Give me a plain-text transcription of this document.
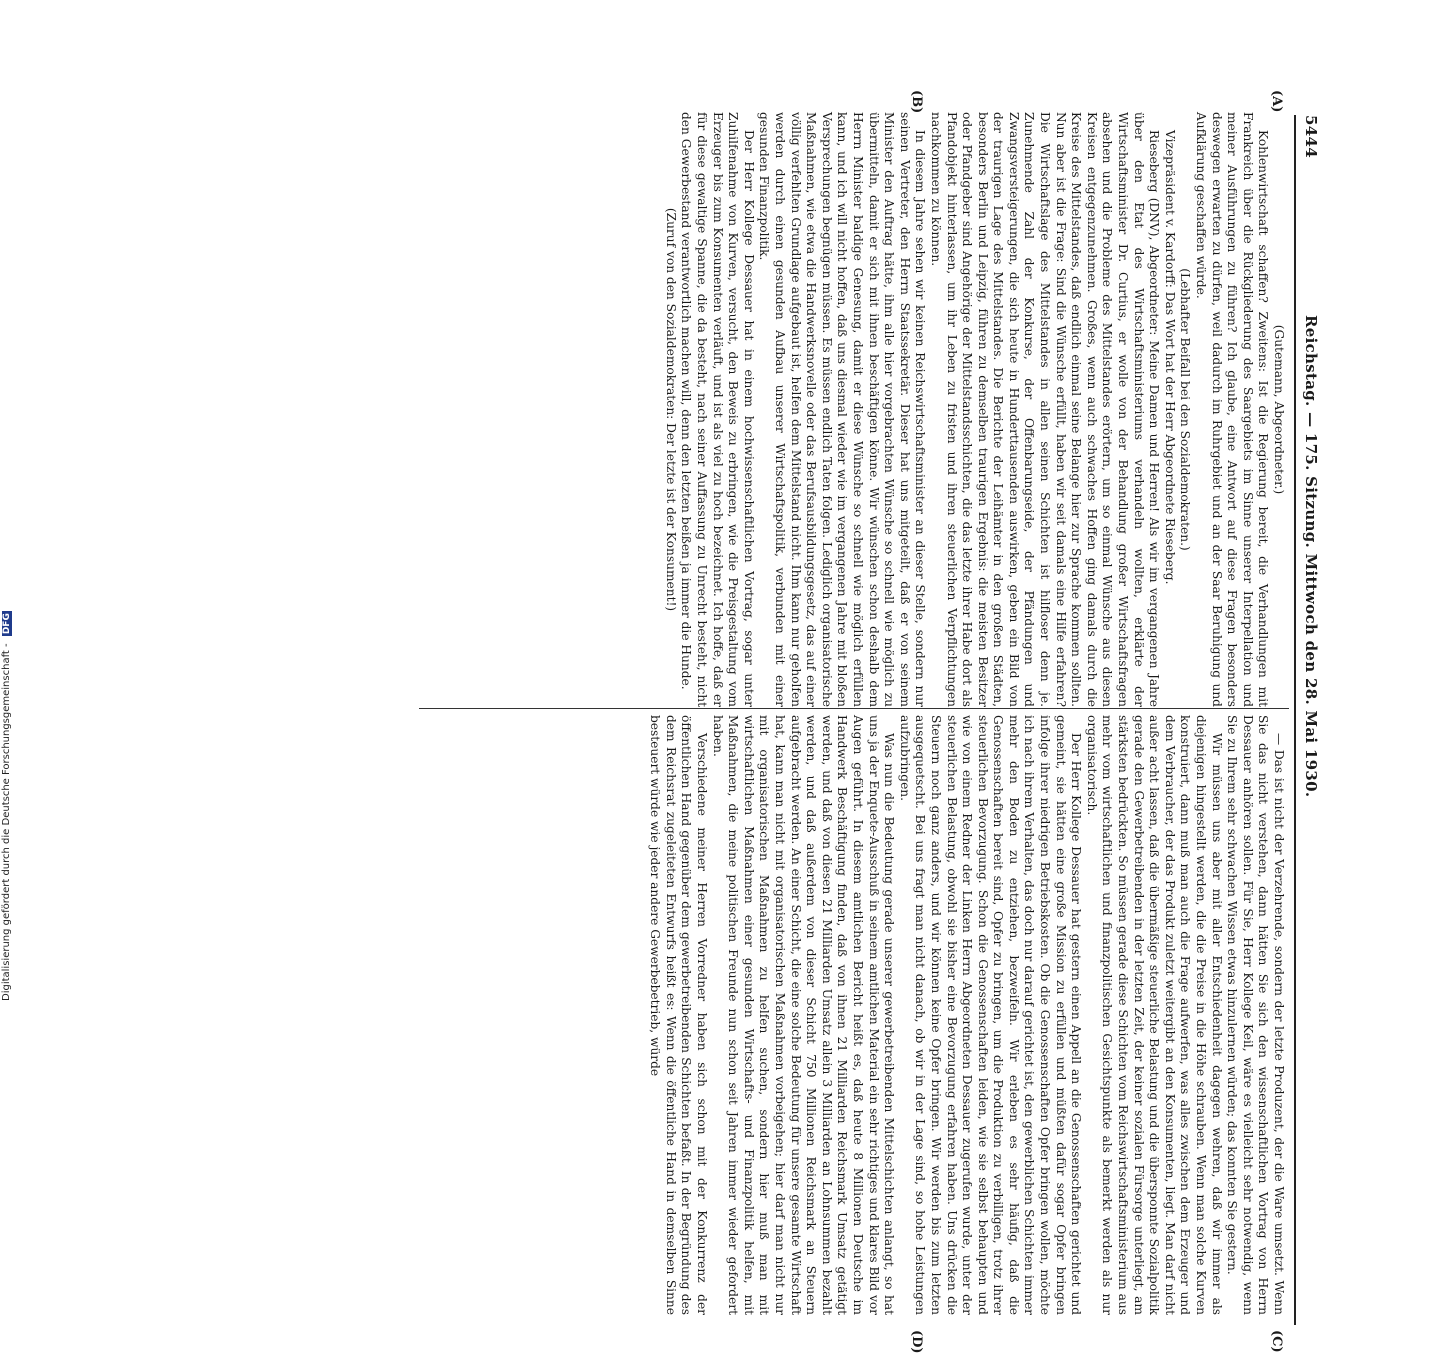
5444
Reichstag. — 175. Sitzung. Mittwoch den 28. Mai 1930.
(A)
(B)

(Gutemann, Abgeordneter.)

Kohlenwirtschaft schaffen? Zweitens: Ist die Regierung bereit, die Verhandlungen mit Frankreich über die Rückgliederung des Saargebiets im Sinne unserer Interpellation und meiner Ausführungen zu führen? Ich glaube, eine Antwort auf diese Fragen besonders deswegen erwarten zu dürfen, weil dadurch im Ruhrgebiet und an der Saar Beruhigung und Aufklärung geschaffen würde.

(Lebhafter Beifall bei den Sozialdemokraten.)

Vizepräsident v. Kardorff: Das Wort hat der Herr Abgeordnete Rieseberg.

Rieseberg (DNV), Abgeordneter: Meine Damen und Herren! Als wir im vergangenen Jahre über den Etat des Wirtschaftsministeriums verhandeln wollten, erklärte der Wirtschaftsminister Dr. Curtius, er wolle von der Behandlung großer Wirtschaftsfragen absehen und die Probleme des Mittelstandes erörtern, um so einmal Wünsche aus diesen Kreisen entgegenzunehmen. Großes, wenn auch schwaches Hoffen ging damals durch die Kreise des Mittelstandes, daß endlich einmal seine Belange hier zur Sprache kommen sollten. Nun aber ist die Frage: Sind die Wünsche erfüllt, haben wir seit damals eine Hilfe erfahren? Die Wirtschaftslage des Mittelstandes in allen seinen Schichten ist hilfloser denn je. Zunehmende Zahl der Konkurse, der Offenbarungseide, der Pfändungen und Zwangsversteigerungen, die sich heute in Hunderttausenden auswirken, geben ein Bild von der traurigen Lage des Mittelstandes. Die Berichte der Leihämter in den großen Städten, besonders Berlin und Leipzig, führen zu demselben traurigen Ergebnis: die meisten Besitzer oder Pfandgeber sind Angehörige der Mittelstandsschichten, die das letzte ihrer Habe dort als Pfandobjekt hinterlassen, um ihr Leben zu fristen und ihren steuerlichen Verpflichtungen nachkommen zu können.

In diesem Jahre sehen wir keinen Reichswirtschaftsminister an dieser Stelle, sondern nur seinen Vertreter, den Herrn Staatssekretär. Dieser hat uns mitgeteilt, daß er von seinem Minister den Auftrag hätte, ihm alle hier vorgebrachten Wünsche so schnell wie möglich zu übermitteln, damit er sich mit ihnen beschäftigen könne. Wir wünschen schon deshalb dem Herrn Minister baldige Genesung, damit er diese Wünsche so schnell wie möglich erfüllen kann, und ich will nicht hoffen, daß uns diesmal wieder wie im vergangenen Jahre mit bloßen Versprechungen begnügen müssen. Es müssen endlich Taten folgen. Lediglich organisatorische Maßnahmen, wie etwa die Handwerksnovelle oder das Berufsausbildungsgesetz, das auf einer völlig verfehlten Grundlage aufgebaut ist, helfen dem Mittelstand nicht. Ihm kann nur geholfen werden durch einen gesunden Aufbau unserer Wirtschaftspolitik, verbunden mit einer gesunden Finanzpolitik.

Der Herr Kollege Dessauer hat in einem hochwissenschaftlichen Vortrag, sogar unter Zuhilfenahme von Kurven, versucht, den Beweis zu erbringen, wie die Preisgestaltung vom Erzeuger bis zum Konsumenten verläuft, und ist als viel zu hoch bezeichnet. Ich hoffe, daß er für diese gewaltige Spanne, die da besteht, nach seiner Auffassung zu Unrecht besteht, nicht den Gewerbestand verantwortlich machen will, denn den letzten beißen ja immer die Hunde.

(Zuruf von den Sozialdemokraten: Der letzte ist der Konsument!)

— Das ist nicht der Verzehrende, sondern der letzte Produzent, der die Ware umsetzt. Wenn Sie das nicht verstehen, dann hätten Sie sich den wissenschaftlichen Vortrag von Herrn Dessauer anhören sollen. Für Sie, Herr Kollege Keil, wäre es vielleicht sehr notwendig, wenn Sie zu Ihrem sehr schwachen Wissen etwas hinzulernen würden; das konnten Sie gestern.

Wir müssen uns aber mit aller Entschiedenheit dagegen wehren, daß wir immer als diejenigen hingestellt werden, die die Preise in die Höhe schrauben. Wenn man solche Kurven konstruiert, dann muß man auch die Frage aufwerfen, was alles zwischen dem Erzeuger und dem Verbraucher, der das Produkt zuletzt weitergibt an den Konsumenten, liegt. Man darf nicht außer acht lassen, daß die übermäßige steuerliche Belastung und die übersponnte Sozialpolitik gerade den Gewerbetreibenden in der letzten Zeit, der keiner sozialen Fürsorge unterliegt, am stärksten bedrückten. So müssen gerade diese Schichten vom Reichswirtschaftsministerium aus mehr vom wirtschaftlichen und finanzpolitischen Gesichtspunkte als bemerkt werden als nur organisatorisch.

Der Herr Kollege Dessauer hat gestern einen Appell an die Genossenschaften gerichtet und gemeint, sie hätten eine große Mission zu erfüllen und müßten dafür sogar Opfer bringen infolge ihrer niedrigen Betriebskosten. Ob die Genossenschaften Opfer bringen wollen, möchte ich nach ihrem Verhalten, das doch nur darauf gerichtet ist, den gewerblichen Schichten immer mehr den Boden zu entziehen, bezweifeln. Wir erleben es sehr häufig, daß die Genossenschaften bereit sind, Opfer zu bringen, um die Produktion zu verbilligen, trotz ihrer steuerlichen Bevorzugung. Schon die Genossenschaften leiden, wie sie selbst behaupten und wie von einem Redner der Linken Herrn Abgeordneten Dessauer zugerufen wurde, unter der steuerlichen Belastung, obwohl sie bisher eine Bevorzugung erfahren haben. Uns drücken die Steuern noch ganz anders, und wir können keine Opfer bringen. Wir werden bis zum letzten ausgequetscht. Bei uns fragt man nicht danach, ob wir in der Lage sind, so hohe Leistungen aufzubringen.

Was nun die Bedeutung gerade unserer gewerbetreibenden Mittelschichten anlangt, so hat uns ja der Enquete-Ausschuß in seinem amtlichen Material ein sehr richtiges und klares Bild vor Augen geführt. In diesem amtlichen Bericht heißt es, daß heute 8 Millionen Deutsche im Handwerk Beschäftigung finden, daß von ihnen 21 Milliarden Reichsmark Umsatz getätigt werden, und daß von diesen 21 Milliarden Umsatz allein 3 Milliarden an Lohnsummen bezahlt werden, und daß außerdem von dieser Schicht 750 Millionen Reichsmark an Steuern aufgebracht werden. An einer Schicht, die eine solche Bedeutung für unsere gesamte Wirtschaft hat, kann man nicht mit organisatorischen Maßnahmen vorbeigehen; hier darf man nicht nur mit organisatorischen Maßnahmen zu helfen suchen, sondern hier muß man mit wirtschaftlichen Maßnahmen einer gesunden Wirtschafts- und Finanzpolitik helfen, mit Maßnahmen, die meine politischen Freunde nun schon seit Jahren immer wieder gefordert haben.

Verschiedene meiner Herren Vorredner haben sich schon mit der Konkurrenz der öffentlichen Hand gegenüber dem gewerbetreibenden Schichten befaßt. In der Begründung des dem Reichsrat zugeleiteten Entwurfs heißt es: Wenn die öffentliche Hand in demselben Sinne besteuert würde wie jeder andere Gewerbebetrieb, würde

(C)
(D)
Digitalisierung gefördert durch die Deutsche Forschungsgemeinschaft - DFG
